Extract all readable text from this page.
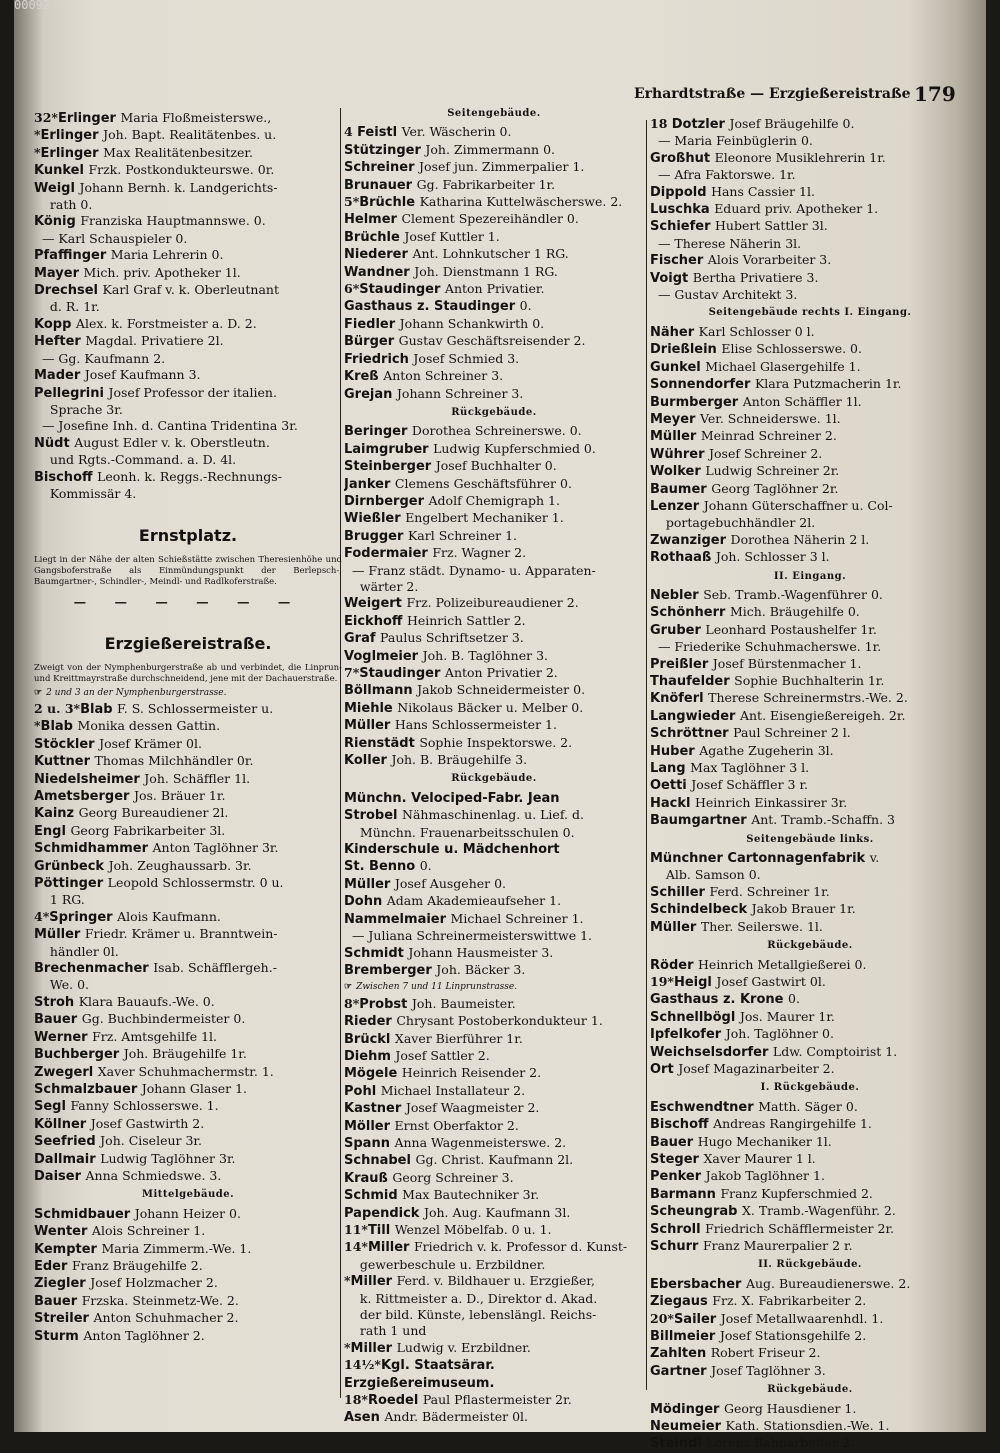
00092427
Erhardtstraße — Erzgießereistraße 179
32*Erlinger Maria Floßmeisterswe.,
*Erlinger Joh. Bapt. Realitätenbes. u.
*Erlinger Max Realitätenbesitzer.
Kunkel Frzk. Postkondukteurswe. 0r.
Weigl Johann Bernh. k. Landgerichts-
rath 0.
König Franziska Hauptmannswe. 0.
— Karl Schauspieler 0.
Pfaffinger Maria Lehrerin 0.
Mayer Mich. priv. Apotheker 1l.
Drechsel Karl Graf v. k. Oberleutnant
d. R. 1r.
Kopp Alex. k. Forstmeister a. D. 2.
Hefter Magdal. Privatiere 2l.
— Gg. Kaufmann 2.
Mader Josef Kaufmann 3.
Pellegrini Josef Professor der italien.
Sprache 3r.
— Josefine Inh. d. Cantina Tridentina 3r.
Nüdt August Edler v. k. Oberstleutn.
und Rgts.-Command. a. D. 4l.
Bischoff Leonh. k. Reggs.-Rechnungs-
Kommissär 4.
Ernstplatz.
Liegt in der Nähe der alten Schießstätte zwischen Theresienhöhe und Gangsboferstraße als Einmündungspunkt der Berlepsch-, Baumgartner-, Schindler-, Meindl- und Radlkoferstraße.
— — — — — —
Erzgießereistraße.
Zweigt von der Nymphenburgerstraße ab und verbindet, die Linprun- und Kreittmayrstraße durchschneidend, jene mit der Dachauerstraße.
☞ 2 und 3 an der Nymphenburgerstrasse.
2 u. 3*Blab F. S. Schlossermeister u.
*Blab Monika dessen Gattin.
Stöckler Josef Krämer 0l.
Kuttner Thomas Milchhändler 0r.
Niedelsheimer Joh. Schäffler 1l.
Ametsberger Jos. Bräuer 1r.
Kainz Georg Bureaudiener 2l.
Engl Georg Fabrikarbeiter 3l.
Schmidhammer Anton Taglöhner 3r.
Grünbeck Joh. Zeughaussarb. 3r.
Pöttinger Leopold Schlossermstr. 0 u.
1 RG.
4*Springer Alois Kaufmann.
Müller Friedr. Krämer u. Branntwein-
händler 0l.
Brechenmacher Isab. Schäfflergeh.-
We. 0.
Stroh Klara Bauaufs.-We. 0.
Bauer Gg. Buchbindermeister 0.
Werner Frz. Amtsgehilfe 1l.
Buchberger Joh. Bräugehilfe 1r.
Zwegerl Xaver Schuhmachermstr. 1.
Schmalzbauer Johann Glaser 1.
Segl Fanny Schlosserswe. 1.
Köllner Josef Gastwirth 2.
Seefried Joh. Ciseleur 3r.
Dallmair Ludwig Taglöhner 3r.
Daiser Anna Schmiedswe. 3.
Mittelgebäude.
Schmidbauer Johann Heizer 0.
Wenter Alois Schreiner 1.
Kempter Maria Zimmerm.-We. 1.
Eder Franz Bräugehilfe 2.
Ziegler Josef Holzmacher 2.
Bauer Frzska. Steinmetz-We. 2.
Streiler Anton Schuhmacher 2.
Sturm Anton Taglöhner 2.
Seitengebäude.
4 Feistl Ver. Wäscherin 0.
Stützinger Joh. Zimmermann 0.
Schreiner Josef jun. Zimmerpalier 1.
Brunauer Gg. Fabrikarbeiter 1r.
5*Brüchle Katharina Kuttelwäscherswe. 2.
Helmer Clement Spezereihändler 0.
Brüchle Josef Kuttler 1.
Niederer Ant. Lohnkutscher 1 RG.
Wandner Joh. Dienstmann 1 RG.
6*Staudinger Anton Privatier.
Gasthaus z. Staudinger 0.
Fiedler Johann Schankwirth 0.
Bürger Gustav Geschäftsreisender 2.
Friedrich Josef Schmied 3.
Kreß Anton Schreiner 3.
Grejan Johann Schreiner 3.
Rückgebäude.
Beringer Dorothea Schreinerswe. 0.
Laimgruber Ludwig Kupferschmied 0.
Steinberger Josef Buchhalter 0.
Janker Clemens Geschäftsführer 0.
Dirnberger Adolf Chemigraph 1.
Wießler Engelbert Mechaniker 1.
Brugger Karl Schreiner 1.
Fodermaier Frz. Wagner 2.
— Franz städt. Dynamo- u. Apparaten-
wärter 2.
Weigert Frz. Polizeibureaudiener 2.
Eickhoff Heinrich Sattler 2.
Graf Paulus Schriftsetzer 3.
Voglmeier Joh. B. Taglöhner 3.
7*Staudinger Anton Privatier 2.
Böllmann Jakob Schneidermeister 0.
Miehle Nikolaus Bäcker u. Melber 0.
Müller Hans Schlossermeister 1.
Rienstädt Sophie Inspektorswe. 2.
Koller Joh. B. Bräugehilfe 3.
Rückgebäude.
Münchn. Velociped-Fabr. Jean
Strobel Nähmaschinenlag. u. Lief. d.
Münchn. Frauenarbeitsschulen 0.
Kinderschule u. Mädchenhort
St. Benno 0.
Müller Josef Ausgeher 0.
Dohn Adam Akademieaufseher 1.
Nammelmaier Michael Schreiner 1.
— Juliana Schreinermeisterswittwe 1.
Schmidt Johann Hausmeister 3.
Bremberger Joh. Bäcker 3.
☞ Zwischen 7 und 11 Linprunstrasse.
8*Probst Joh. Baumeister.
Rieder Chrysant Postoberkondukteur 1.
Brückl Xaver Bierführer 1r.
Diehm Josef Sattler 2.
Mögele Heinrich Reisender 2.
Pohl Michael Installateur 2.
Kastner Josef Waagmeister 2.
Möller Ernst Oberfaktor 2.
Spann Anna Wagenmeisterswe. 2.
Schnabel Gg. Christ. Kaufmann 2l.
Krauß Georg Schreiner 3.
Schmid Max Bautechniker 3r.
Papendick Joh. Aug. Kaufmann 3l.
11*Till Wenzel Möbelfab. 0 u. 1.
14*Miller Friedrich v. k. Professor d. Kunst-
gewerbeschule u. Erzbildner.
*Miller Ferd. v. Bildhauer u. Erzgießer,
k. Rittmeister a. D., Direktor d. Akad.
der bild. Künste, lebenslängl. Reichs-
rath 1 und
*Miller Ludwig v. Erzbildner.
14½*Kgl. Staatsärar.
Erzgießereimuseum.
18*Roedel Paul Pflastermeister 2r.
Asen Andr. Bädermeister 0l.
18 Dotzler Josef Bräugehilfe 0.
— Maria Feinbüglerin 0.
Großhut Eleonore Musiklehrerin 1r.
— Afra Faktorswe. 1r.
Dippold Hans Cassier 1l.
Luschka Eduard priv. Apotheker 1.
Schiefer Hubert Sattler 3l.
— Therese Näherin 3l.
Fischer Alois Vorarbeiter 3.
Voigt Bertha Privatiere 3.
— Gustav Architekt 3.
Seitengebäude rechts I. Eingang.
Näher Karl Schlosser 0 l.
Drießlein Elise Schlosserswe. 0.
Gunkel Michael Glasergehilfe 1.
Sonnendorfer Klara Putzmacherin 1r.
Burmberger Anton Schäffler 1l.
Meyer Ver. Schneiderswe. 1l.
Müller Meinrad Schreiner 2.
Wührer Josef Schreiner 2.
Wolker Ludwig Schreiner 2r.
Baumer Georg Taglöhner 2r.
Lenzer Johann Güterschaffner u. Col-
portagebuchhändler 2l.
Zwanziger Dorothea Näherin 2 l.
Rothaaß Joh. Schlosser 3 l.
II. Eingang.
Nebler Seb. Tramb.-Wagenführer 0.
Schönherr Mich. Bräugehilfe 0.
Gruber Leonhard Postaushelfer 1r.
— Friederike Schuhmacherswe. 1r.
Preißler Josef Bürstenmacher 1.
Thaufelder Sophie Buchhalterin 1r.
Knöferl Therese Schreinermstrs.-We. 2.
Langwieder Ant. Eisengießereigeh. 2r.
Schröttner Paul Schreiner 2 l.
Huber Agathe Zugeherin 3l.
Lang Max Taglöhner 3 l.
Oetti Josef Schäffler 3 r.
Hackl Heinrich Einkassirer 3r.
Baumgartner Ant. Tramb.-Schaffn. 3
Seitengebäude links.
Münchner Cartonnagenfabrik v.
Alb. Samson 0.
Schiller Ferd. Schreiner 1r.
Schindelbeck Jakob Brauer 1r.
Müller Ther. Seilerswe. 1l.
Rückgebäude.
Röder Heinrich Metallgießerei 0.
19*Heigl Josef Gastwirt 0l.
Gasthaus z. Krone 0.
Schnellbögl Jos. Maurer 1r.
Ipfelkofer Joh. Taglöhner 0.
Weichselsdorfer Ldw. Comptoirist 1.
Ort Josef Magazinarbeiter 2.
I. Rückgebäude.
Eschwendtner Matth. Säger 0.
Bischoff Andreas Rangirgehilfe 1.
Bauer Hugo Mechaniker 1l.
Steger Xaver Maurer 1 l.
Penker Jakob Taglöhner 1.
Barmann Franz Kupferschmied 2.
Scheungrab X. Tramb.-Wagenführ. 2.
Schroll Friedrich Schäfflermeister 2r.
Schurr Franz Maurerpalier 2 r.
II. Rückgebäude.
Ebersbacher Aug. Bureaudienerswe. 2.
Ziegaus Frz. X. Fabrikarbeiter 2.
20*Sailer Josef Metallwaarenhdl. 1.
Billmeier Josef Stationsgehilfe 2.
Zahlten Robert Friseur 2.
Gartner Josef Taglöhner 3.
Rückgebäude.
Mödinger Georg Hausdiener 1.
Neumeier Kath. Stationsdien.-We. 1.
Steindl Lorenz Bahnarbeiter 2.
